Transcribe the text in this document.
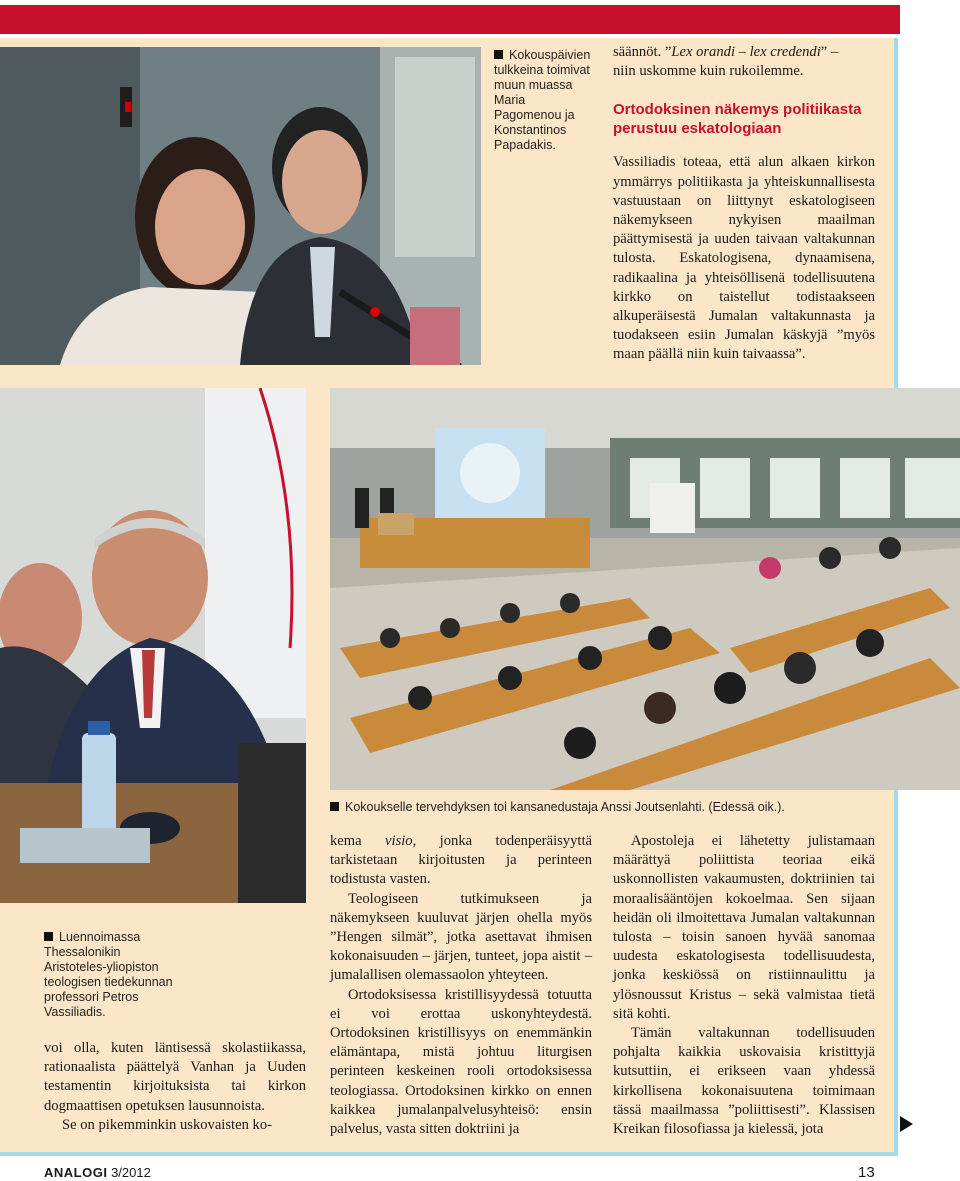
Kokouspäivien tulkkeina toimivat muun muassa Maria Pagomenou ja Konstantinos Papadakis.

säännöt. ”Lex orandi – lex credendi” –
niin uskomme kuin rukoilemme.

Ortodoksinen näkemys politiikasta
perustuu eskatologiaan

Vassiliadis toteaa, että alun alkaen kirkon ymmärrys politiikasta ja yhteiskunnallisesta vastuustaan on liittynyt eskatologiseen näkemykseen nykyisen maailman päättymisestä ja uuden taivaan valtakunnan tulosta. Eskatologisena, dynaamisena, radikaalina ja yhteisöllisenä todellisuutena kirkko on taistellut todistaakseen alkuperäisestä Jumalan valtakunnasta ja tuodakseen esiin Jumalan käskyjä ”myös maan päällä niin kuin taivaassa”.

Kokoukselle tervehdyksen toi kansanedustaja Anssi Joutsenlahti. (Edessä oik.).
Luennoimassa Thessalonikin Aristoteles-yliopiston teologisen tiedekunnan professori Petros Vassiliadis.

voi olla, kuten läntisessä skolastiikassa, rationaalista päättelyä Vanhan ja Uuden testamentin kirjoituksista tai kirkon dogmaattisen opetuksen lausunnoista.

Se on pikemminkin uskovaisten ko-

kema visio, jonka todenperäisyyttä tarkistetaan kirjoitusten ja perinteen todistusta vasten.

Teologiseen tutkimukseen ja näkemykseen kuuluvat järjen ohella myös ”Hengen silmät”, jotka asettavat ihmisen kokonaisuuden – järjen, tunteet, jopa aistit – jumalallisen olemassaolon yhteyteen.

Ortodoksisessa kristillisyydessä totuutta ei voi erottaa uskonyhteydestä. Ortodoksinen kristillisyys on enemmänkin elämäntapa, mistä johtuu liturgisen perinteen keskeinen rooli ortodoksisessa teologiassa. Ortodoksinen kirkko on ennen kaikkea jumalanpalvelusyhteisö: ensin palvelus, vasta sitten doktriini ja

Apostoleja ei lähetetty julistamaan määrättyä poliittista teoriaa eikä uskonnollisten vakaumusten, doktriinien tai moraalisääntöjen kokoelmaa. Sen sijaan heidän oli ilmoitettava Jumalan valtakunnan tulosta – toisin sanoen hyvää sanomaa uudesta eskatologisesta todellisuudesta, jonka keskiössä on ristiinnaulittu ja ylösnoussut Kristus – sekä valmistaa tietä sitä kohti.

Tämän valtakunnan todellisuuden pohjalta kaikkia uskovaisia kristittyjä kutsuttiin, ei erikseen vaan yhdessä kirkollisena kokonaisuutena toimimaan tässä maailmassa ”poliittisesti”. Klassisen Kreikan filosofiassa ja kielessä, jota

ANALOGI 3/2012	13
